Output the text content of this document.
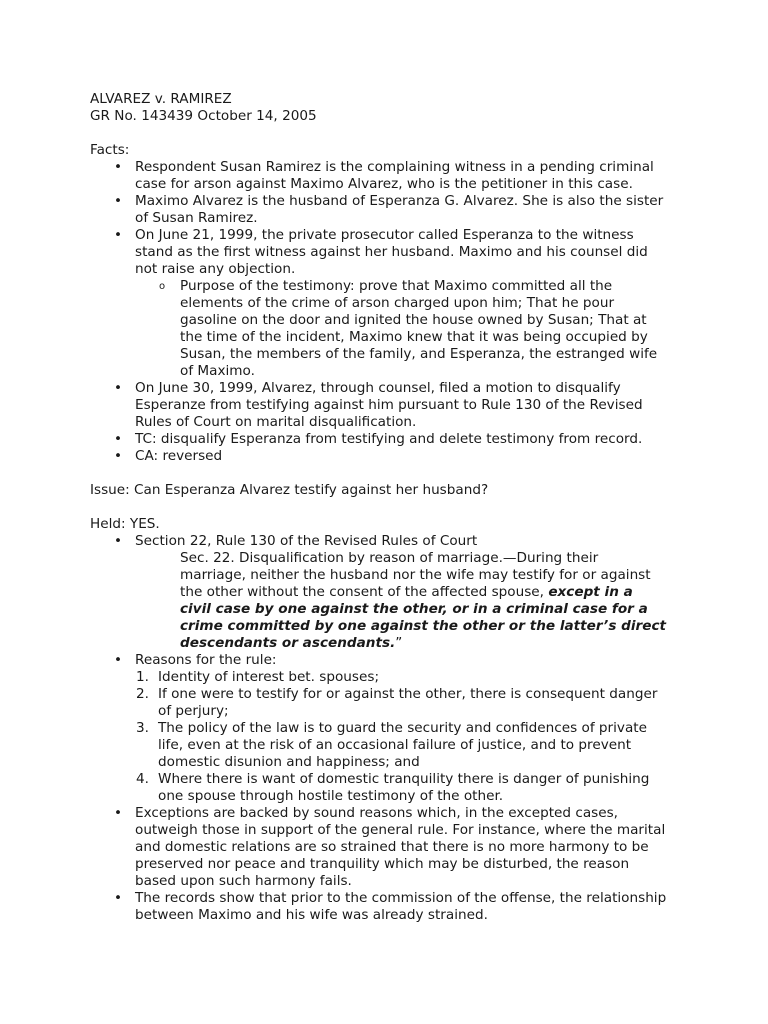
ALVAREZ v. RAMIREZ
GR No. 143439 October 14, 2005
Facts:
• Respondent Susan Ramirez is the complaining witness in a pending criminal
case for arson against Maximo Alvarez, who is the petitioner in this case.
• Maximo Alvarez is the husband of Esperanza G. Alvarez. She is also the sister
of Susan Ramirez.
• On June 21, 1999, the private prosecutor called Esperanza to the witness
stand as the first witness against her husband. Maximo and his counsel did
not raise any objection.
o Purpose of the testimony: prove that Maximo committed all the
elements of the crime of arson charged upon him; That he pour
gasoline on the door and ignited the house owned by Susan; That at
the time of the incident, Maximo knew that it was being occupied by
Susan, the members of the family, and Esperanza, the estranged wife
of Maximo.
• On June 30, 1999, Alvarez, through counsel, filed a motion to disqualify
Esperanze from testifying against him pursuant to Rule 130 of the Revised
Rules of Court on marital disqualification.
• TC: disqualify Esperanza from testifying and delete testimony from record.
• CA: reversed
Issue: Can Esperanza Alvarez testify against her husband?
Held: YES.
• Section 22, Rule 130 of the Revised Rules of Court
Sec. 22. Disqualification by reason of marriage.—During their
marriage, neither the husband nor the wife may testify for or against
the other without the consent of the affected spouse, except in a
civil case by one against the other, or in a criminal case for a
crime committed by one against the other or the latter’s direct
descendants or ascendants.”
• Reasons for the rule:
1. Identity of interest bet. spouses;
2. If one were to testify for or against the other, there is consequent danger
of perjury;
3. The policy of the law is to guard the security and confidences of private
life, even at the risk of an occasional failure of justice, and to prevent
domestic disunion and happiness; and
4. Where there is want of domestic tranquility there is danger of punishing
one spouse through hostile testimony of the other.
• Exceptions are backed by sound reasons which, in the excepted cases,
outweigh those in support of the general rule. For instance, where the marital
and domestic relations are so strained that there is no more harmony to be
preserved nor peace and tranquility which may be disturbed, the reason
based upon such harmony fails.
• The records show that prior to the commission of the offense, the relationship
between Maximo and his wife was already strained.
